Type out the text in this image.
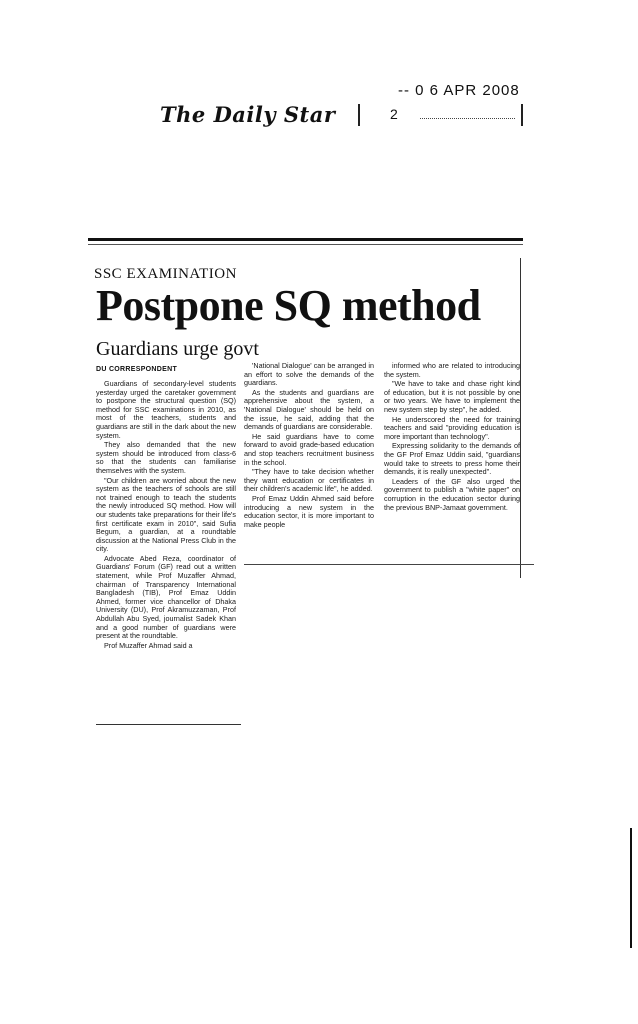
The Daily Star
-- 0 6 APR 2008
2
SSC EXAMINATION
Postpone SQ method
Guardians urge govt
DU CORRESPONDENT

Guardians of secondary-level students yesterday urged the caretaker government to postpone the structural question (SQ) method for SSC examinations in 2010, as most of the teachers, students and guardians are still in the dark about the new system.

They also demanded that the new system should be introduced from class-6 so that the students can familiarise themselves with the system.

"Our children are worried about the new system as the teachers of schools are still not trained enough to teach the students the newly introduced SQ method. How will our students take preparations for their life's first certificate exam in 2010", said Sufia Begum, a guardian, at a roundtable discussion at the National Press Club in the city.

Advocate Abed Reza, coordinator of Guardians' Forum (GF) read out a written statement, while Prof Muzaffer Ahmad, chairman of Transparency International Bangladesh (TIB), Prof Emaz Uddin Ahmed, former vice chancellor of Dhaka University (DU), Prof Akramuzzaman, Prof Abdullah Abu Syed, journalist Sadek Khan and a good number of guardians were present at the roundtable.

Prof Muzaffer Ahmad said a

'National Dialogue' can be arranged in an effort to solve the demands of the guardians.

As the students and guardians are apprehensive about the system, a 'National Dialogue' should be held on the issue, he said, adding that the demands of guardians are considerable.

He said guardians have to come forward to avoid grade-based education and stop teachers recruitment business in the school.

"They have to take decision whether they want education or certificates in their children's academic life", he added.

Prof Emaz Uddin Ahmed said before introducing a new system in the education sector, it is more important to make people

informed who are related to introducing the system.

"We have to take and chase right kind of education, but it is not possible by one or two years. We have to implement the new system step by step", he added.

He underscored the need for training teachers and said "providing education is more important than technology".

Expressing solidarity to the demands of the GF Prof Emaz Uddin said, "guardians would take to streets to press home their demands, it is really unexpected".

Leaders of the GF also urged the government to publish a "white paper" on corruption in the education sector during the previous BNP-Jamaat government.
